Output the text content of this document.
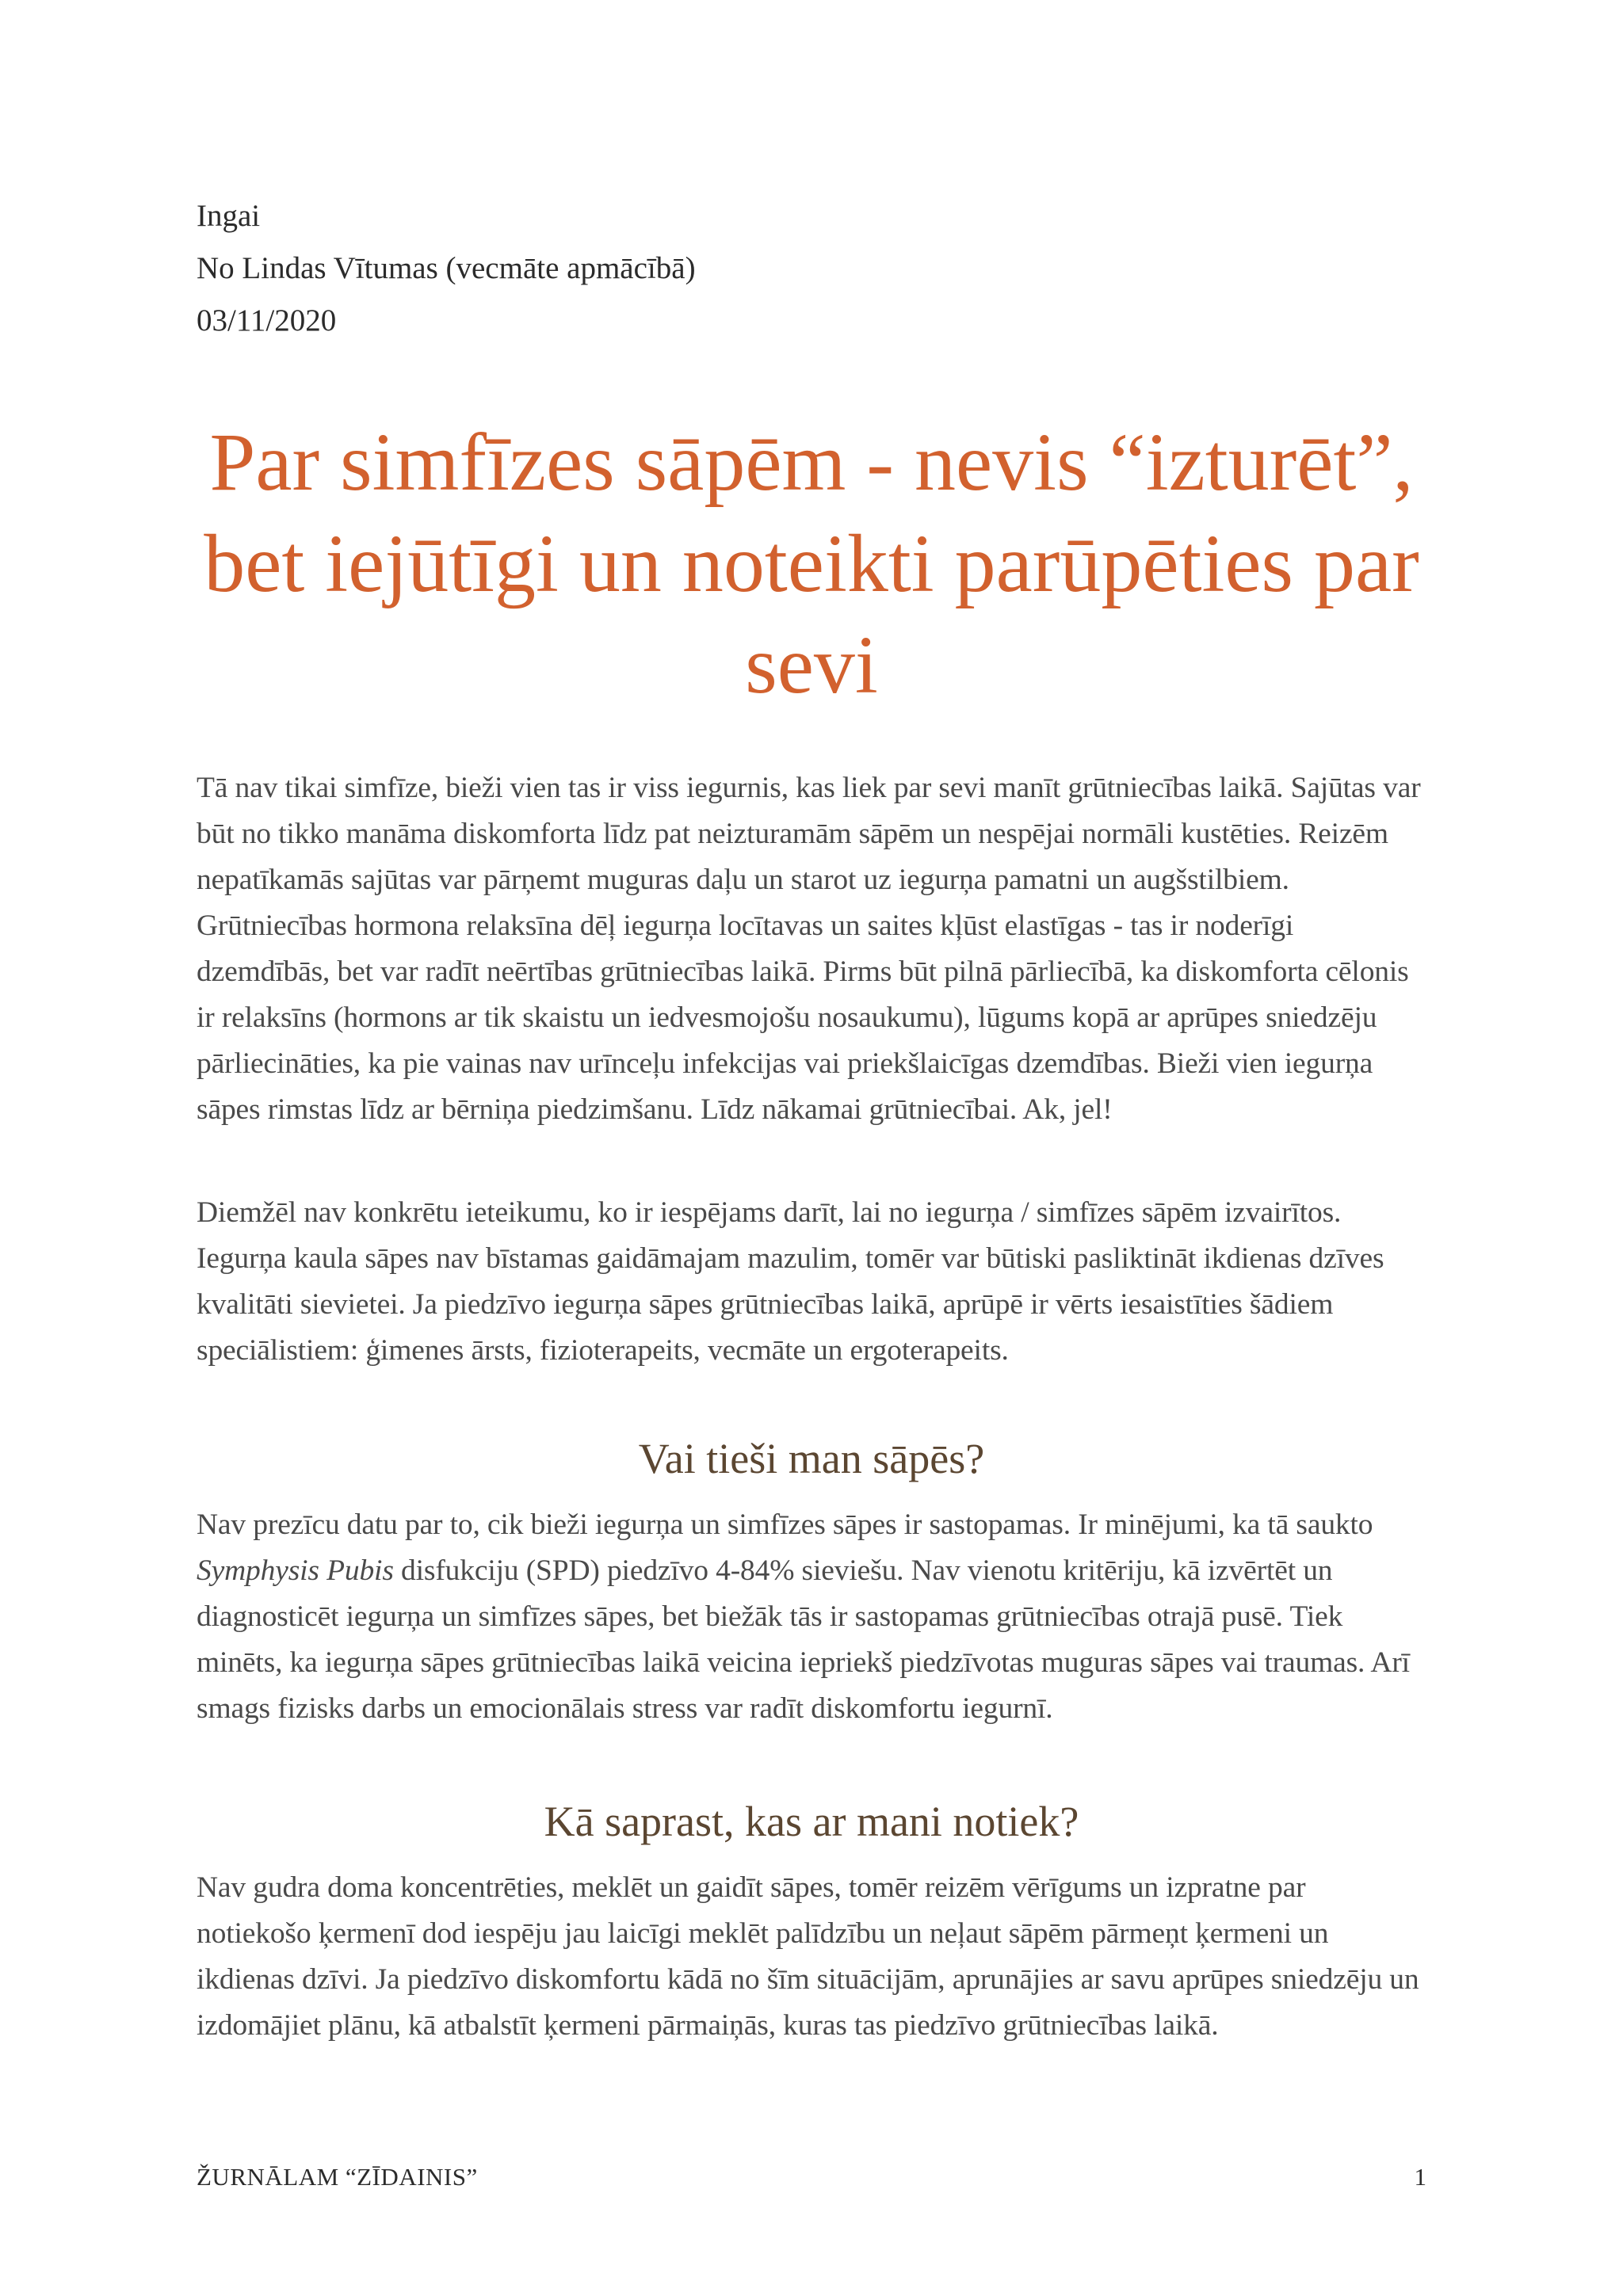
Ingai
No Lindas Vītumas (vecmāte apmācībā)
03/11/2020
Par simfīzes sāpēm - nevis “izturēt”, bet iejūtīgi un noteikti parūpēties par sevi

Tā nav tikai simfīze, bieži vien tas ir viss iegurnis, kas liek par sevi manīt grūtniecības laikā. Sajūtas var būt no tikko manāma diskomforta līdz pat neizturamām sāpēm un nespējai normāli kustēties. Reizēm nepatīkamās sajūtas var pārņemt muguras daļu un starot uz iegurņa pamatni un augšstilbiem. Grūtniecības hormona relaksīna dēļ iegurņa locītavas un saites kļūst elastīgas - tas ir noderīgi dzemdībās, bet var radīt neērtības grūtniecības laikā. Pirms būt pilnā pārliecībā, ka diskomforta cēlonis ir relaksīns (hormons ar tik skaistu un iedvesmojošu nosaukumu), lūgums kopā ar aprūpes sniedzēju pārliecināties, ka pie vainas nav urīnceļu infekcijas vai priekšlaicīgas dzemdības. Bieži vien iegurņa sāpes rimstas līdz ar bērniņa piedzimšanu. Līdz nākamai grūtniecībai. Ak, jel!

Diemžēl nav konkrētu ieteikumu, ko ir iespējams darīt, lai no iegurņa / simfīzes sāpēm izvairītos. Iegurņa kaula sāpes nav bīstamas gaidāmajam mazulim, tomēr var būtiski pasliktināt ikdienas dzīves kvalitāti sievietei. Ja piedzīvo iegurņa sāpes grūtniecības laikā, aprūpē ir vērts iesaistīties šādiem speciālistiem: ģimenes ārsts, fizioterapeits, vecmāte un ergoterapeits.

Vai tieši man sāpēs?

Nav prezīcu datu par to, cik bieži iegurņa un simfīzes sāpes ir sastopamas. Ir minējumi, ka tā saukto Symphysis Pubis disfukciju (SPD) piedzīvo 4-84% sieviešu. Nav vienotu kritēriju, kā izvērtēt un diagnosticēt iegurņa un simfīzes sāpes, bet biežāk tās ir sastopamas grūtniecības otrajā pusē. Tiek minēts, ka iegurņa sāpes grūtniecības laikā veicina iepriekš piedzīvotas muguras sāpes vai traumas. Arī smags fizisks darbs un emocionālais stress var radīt diskomfortu iegurnī.

Kā saprast, kas ar mani notiek?

Nav gudra doma koncentrēties, meklēt un gaidīt sāpes, tomēr reizēm vērīgums un izpratne par notiekošo ķermenī dod iespēju jau laicīgi meklēt palīdzību un neļaut sāpēm pārmeņt ķermeni un ikdienas dzīvi. Ja piedzīvo diskomfortu kādā no šīm situācijām, aprunājies ar savu aprūpes sniedzēju un izdomājiet plānu, kā atbalstīt ķermeni pārmaiņās, kuras tas piedzīvo grūtniecības laikā.

ŽURNĀLAM “ZĪDAINIS”	1
